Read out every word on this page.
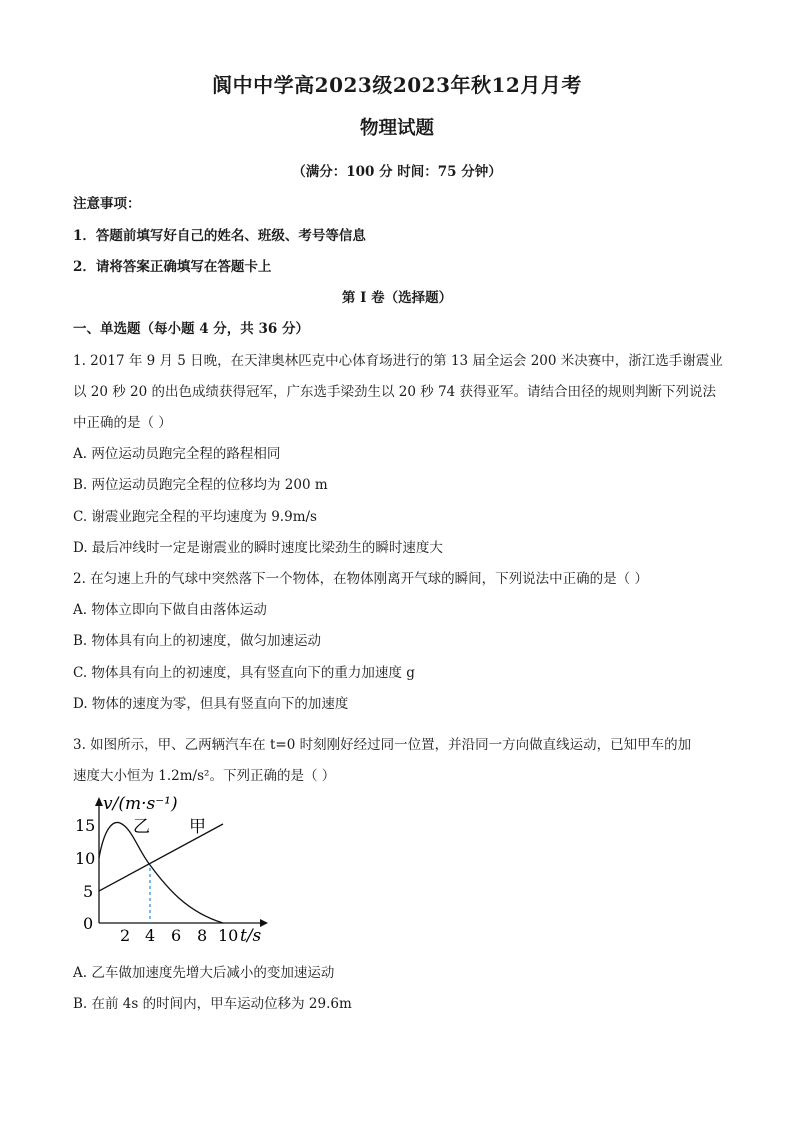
阆中中学高2023级2023年秋12月月考
物理试题
（满分：100 分 时间：75 分钟）
注意事项：
1．答题前填写好自己的姓名、班级、考号等信息
2．请将答案正确填写在答题卡上
第 I 卷（选择题）
一、单选题（每小题 4 分，共 36 分）
1. 2017 年 9 月 5 日晚，在天津奥林匹克中心体育场进行的第 13 届全运会 200 米决赛中，浙江选手谢震业
以 20 秒 20 的出色成绩获得冠军，广东选手梁劲生以 20 秒 74 获得亚军。请结合田径的规则判断下列说法
中正确的是（ ）
A. 两位运动员跑完全程的路程相同
B. 两位运动员跑完全程的位移均为 200 m
C. 谢震业跑完全程的平均速度为 9.9m/s
D. 最后冲线时一定是谢震业的瞬时速度比梁劲生的瞬时速度大
2. 在匀速上升的气球中突然落下一个物体，在物体刚离开气球的瞬间，下列说法中正确的是（ ）
A. 物体立即向下做自由落体运动
B. 物体具有向上的初速度，做匀加速运动
C. 物体具有向上的初速度，具有竖直向下的重力加速度 g
D. 物体的速度为零，但具有竖直向下的加速度
3. 如图所示，甲、乙两辆汽车在 t=0 时刻刚好经过同一位置，并沿同一方向做直线运动，已知甲车的加
速度大小恒为 1.2m/s²。下列正确的是（ ）
v/(m·s⁻¹)
t/s
15
10
5
0
2 4 6 8 10
乙 甲
A. 乙车做加速度先增大后减小的变加速运动
B. 在前 4s 的时间内，甲车运动位移为 29.6m
